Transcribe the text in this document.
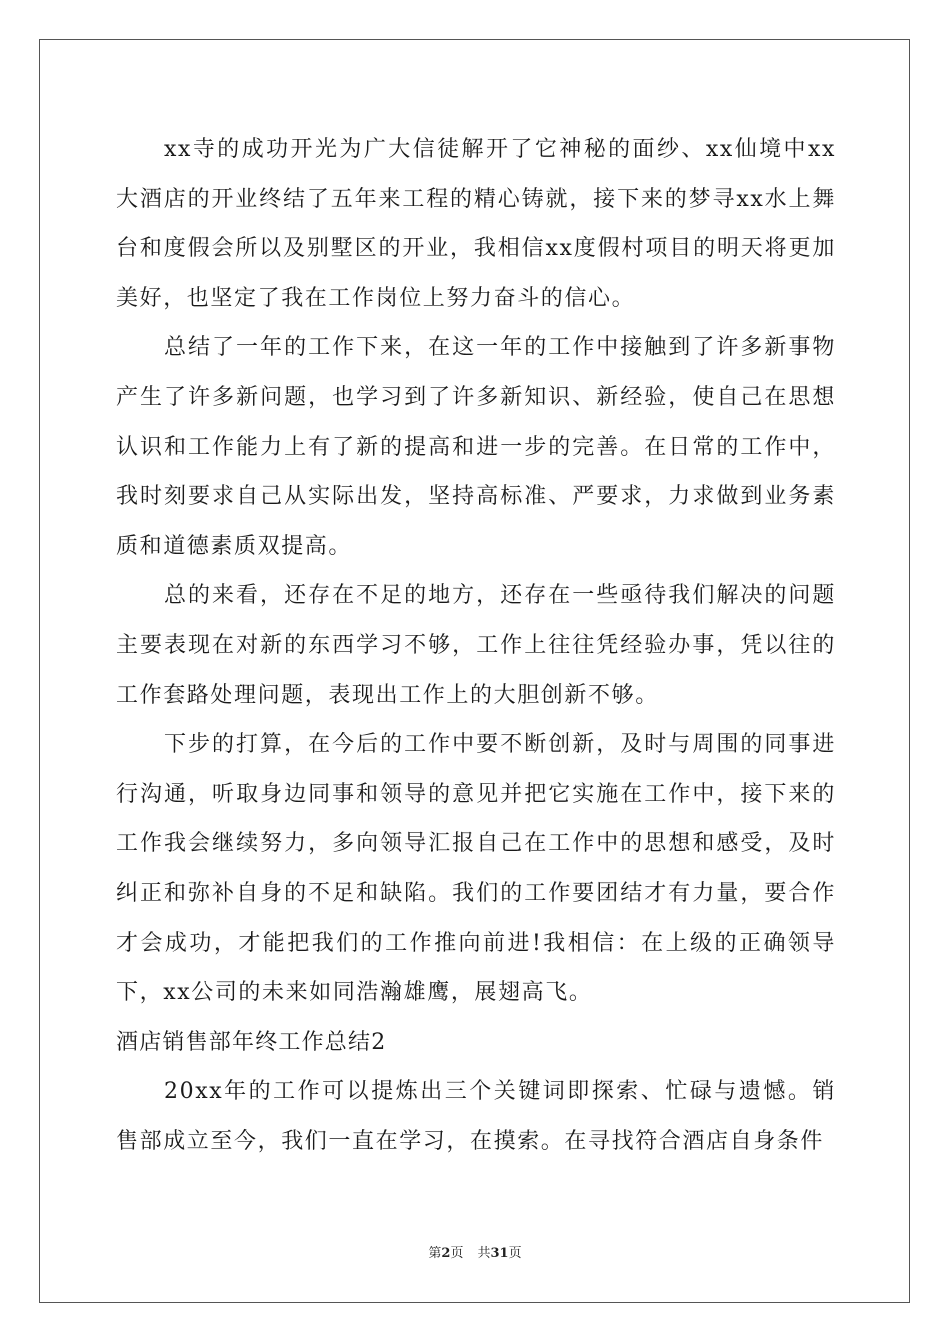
xx寺的成功开光为广大信徒解开了它神秘的面纱、xx仙境中xx大酒店的开业终结了五年来工程的精心铸就，接下来的梦寻xx水上舞台和度假会所以及别墅区的开业，我相信xx度假村项目的明天将更加美好，也坚定了我在工作岗位上努力奋斗的信心。

总结了一年的工作下来，在这一年的工作中接触到了许多新事物产生了许多新问题，也学习到了许多新知识、新经验，使自己在思想认识和工作能力上有了新的提高和进一步的完善。在日常的工作中，我时刻要求自己从实际出发，坚持高标准、严要求，力求做到业务素质和道德素质双提高。

总的来看，还存在不足的地方，还存在一些亟待我们解决的问题主要表现在对新的东西学习不够，工作上往往凭经验办事，凭以往的工作套路处理问题，表现出工作上的大胆创新不够。

下步的打算，在今后的工作中要不断创新，及时与周围的同事进行沟通，听取身边同事和领导的意见并把它实施在工作中，接下来的工作我会继续努力，多向领导汇报自己在工作中的思想和感受，及时纠正和弥补自身的不足和缺陷。我们的工作要团结才有力量，要合作才会成功，才能把我们的工作推向前进!我相信：在上级的正确领导下，xx公司的未来如同浩瀚雄鹰，展翅高飞。

酒店销售部年终工作总结2

20xx年的工作可以提炼出三个关键词即探索、忙碌与遗憾。销售部成立至今，我们一直在学习，在摸索。在寻找符合酒店自身条件

第2页 共31页
